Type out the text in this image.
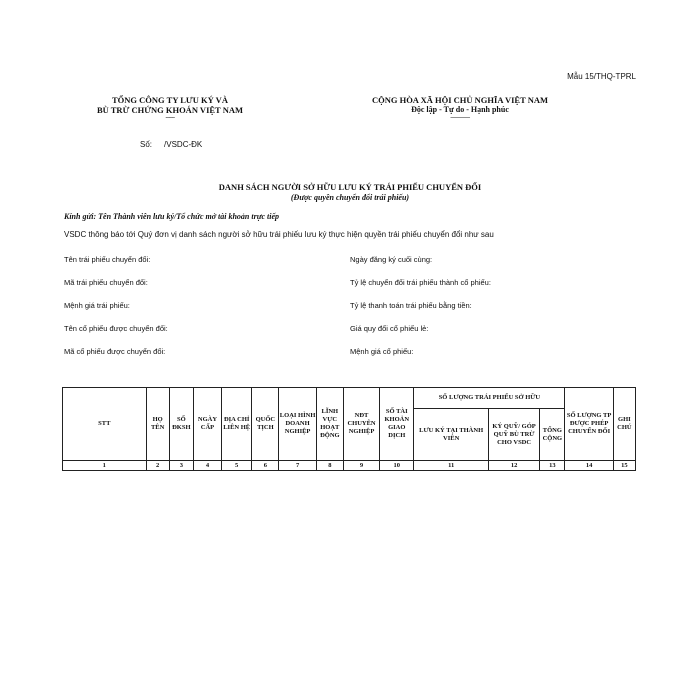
Mẫu 15/THQ-TPRL
TỔNG CÔNG TY LƯU KÝ VÀ
BÙ TRỪ CHỨNG KHOÁN VIỆT NAM
------
CỘNG HÒA XÃ HỘI CHỦ NGHĨA VIỆT NAM
Độc lập - Tự do - Hạnh phúc
-------------
Số: /VSDC-ĐK
DANH SÁCH NGƯỜI SỞ HỮU LƯU KÝ TRÁI PHIẾU CHUYỂN ĐỔI
(Được quyền chuyển đổi trái phiếu)
Kính gửi: Tên Thành viên lưu ký/Tổ chức mở tài khoản trực tiếp
VSDC thông báo tới Quý đơn vị danh sách người sở hữu trái phiếu lưu ký thực hiện quyền trái phiếu chuyển đổi như sau
Tên trái phiếu chuyển đổi:
Mã trái phiếu chuyển đổi:
Mệnh giá trái phiếu:
Tên cổ phiếu được chuyển đổi:
Mã cổ phiếu được chuyển đổi:
Ngày đăng ký cuối cùng:
Tỷ lệ chuyển đổi trái phiếu thành cổ phiếu:
Tỷ lệ thanh toán trái phiếu bằng tiền:
Giá quy đổi cổ phiếu lẻ:
Mệnh giá cổ phiếu:
STT	HỌ TÊN	SỐ ĐKSH	NGÀY CẤP	ĐỊA CHỈ LIÊN HỆ	QUỐC TỊCH	LOẠI HÌNH DOANH NGHIỆP	LĨNH VỰC HOẠT ĐỘNG	NĐT CHUYÊN NGHIỆP	SỐ TÀI KHOẢN GIAO DỊCH	SỐ LƯỢNG TRÁI PHIẾU SỞ HỮU			SỐ LƯỢNG TP ĐƯỢC PHÉP CHUYỂN ĐỔI	GHI CHÚ
										LƯU KÝ TẠI THÀNH VIÊN	KÝ QUỸ/ GÓP QUỸ BÙ TRỪ CHO VSDC	TỔNG CỘNG		
1	2	3	4	5	6	7	8	9	10	11	12	13	14	15
